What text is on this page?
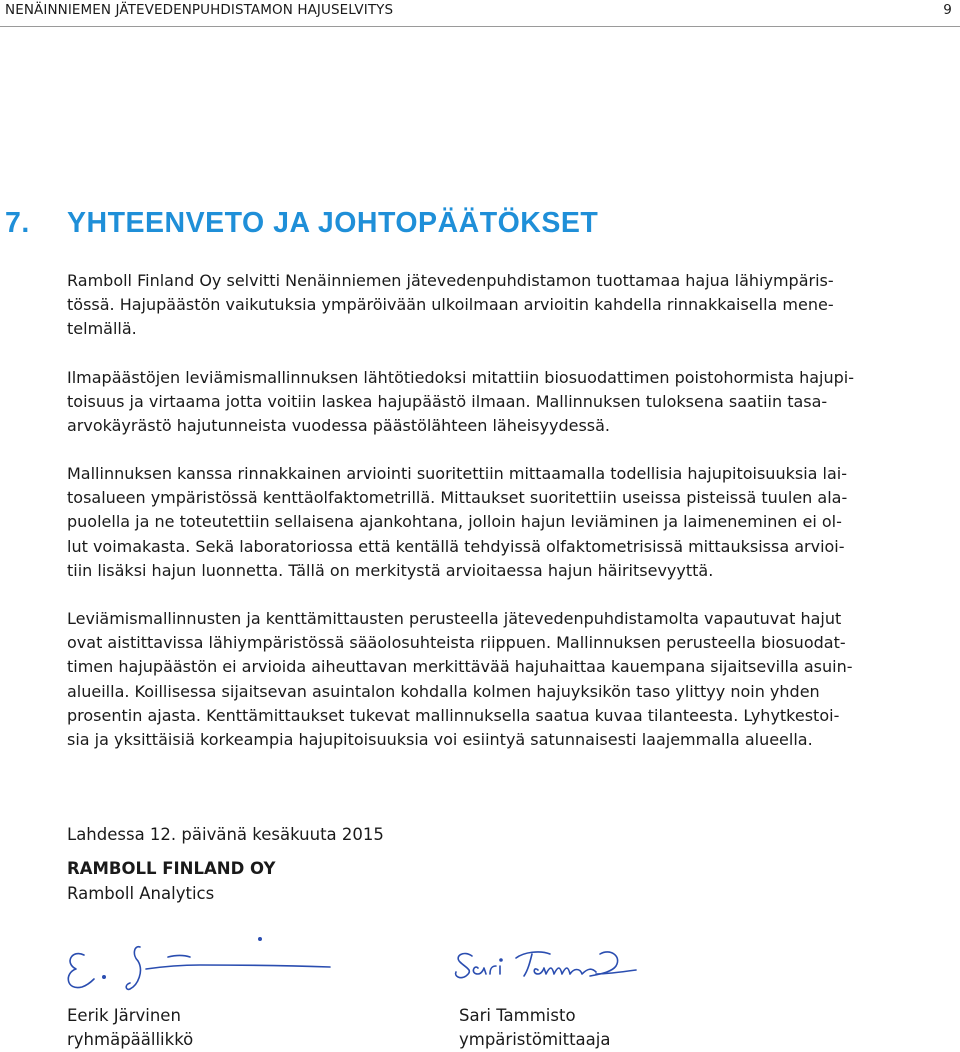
NENÄINNIEMEN JÄTEVEDENPUHDISTAMON HAJUSELVITYS	9
7. YHTEENVETO JA JOHTOPÄÄTÖKSET
Ramboll Finland Oy selvitti Nenäinniemen jätevedenpuhdistamon tuottamaa hajua lähiympäris-
tössä. Hajupäästön vaikutuksia ympäröivään ulkoilmaan arvioitin kahdella rinnakkaisella mene-
telmällä.
Ilmapäästöjen leviämismallinnuksen lähtötiedoksi mitattiin biosuodattimen poistohormista hajupi-
toisuus ja virtaama jotta voitiin laskea hajupäästö ilmaan. Mallinnuksen tuloksena saatiin tasa-
arvokäyrästö hajutunneista vuodessa päästölähteen läheisyydessä.
Mallinnuksen kanssa rinnakkainen arviointi suoritettiin mittaamalla todellisia hajupitoisuuksia lai-
tosalueen ympäristössä kenttäolfaktometrillä. Mittaukset suoritettiin useissa pisteissä tuulen ala-
puolella ja ne toteutettiin sellaisena ajankohtana, jolloin hajun leviäminen ja laimeneminen ei ol-
lut voimakasta. Sekä laboratoriossa että kentällä tehdyissä olfaktometrisissä mittauksissa arvioi-
tiin lisäksi hajun luonnetta. Tällä on merkitystä arvioitaessa hajun häiritsevyyttä.
Leviämismallinnusten ja kenttämittausten perusteella jätevedenpuhdistamolta vapautuvat hajut
ovat aistittavissa lähiympäristössä sääolosuhteista riippuen. Mallinnuksen perusteella biosuodat-
timen hajupäästön ei arvioida aiheuttavan merkittävää hajuhaittaa kauempana sijaitsevilla asuin-
alueilla. Koillisessa sijaitsevan asuintalon kohdalla kolmen hajuyksikön taso ylittyy noin yhden
prosentin ajasta. Kenttämittaukset tukevat mallinnuksella saatua kuvaa tilanteesta. Lyhytkestoi-
sia ja yksittäisiä korkeampia hajupitoisuuksia voi esiintyä satunnaisesti laajemmalla alueella.
Lahdessa 12. päivänä kesäkuuta 2015
RAMBOLL FINLAND OY
Ramboll Analytics
Eerik Järvinen
ryhmäpäällikkö
Sari Tammisto
ympäristömittaaja
